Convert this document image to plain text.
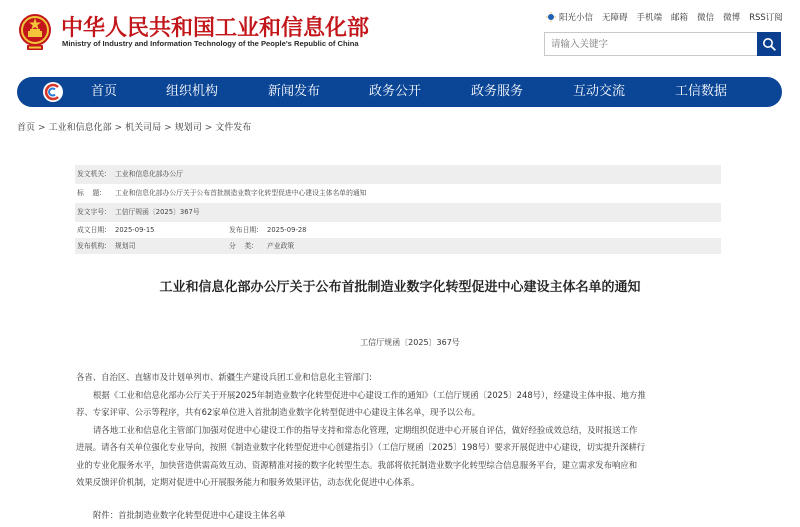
中华人民共和国工业和信息化部
Ministry of Industry and Information Technology of the People's Republic of China
阳光小信 无障碍 手机端 邮箱 微信 微博 RSS订阅
请输入关键字
首页	组织机构	新闻发布	政务公开	政务服务	互动交流	工信数据
首页 > 工业和信息化部 > 机关司局 > 规划司 > 文件发布
发文机关: 工业和信息化部办公厅
标    题: 工业和信息化部办公厅关于公布首批制造业数字化转型促进中心建设主体名单的通知
发文字号: 工信厅规函〔2025〕367号
成文日期: 2025-09-15	发布日期: 2025-09-28
发布机构: 规划司	分    类: 产业政策
工业和信息化部办公厅关于公布首批制造业数字化转型促进中心建设主体名单的通知
工信厅规函〔2025〕367号
各省、自治区、直辖市及计划单列市、新疆生产建设兵团工业和信息化主管部门:
根据《工业和信息化部办公厅关于开展2025年制造业数字化转型促进中心建设工作的通知》（工信厅规函〔2025〕248号），经建设主体申报、地方推
荐、专家评审、公示等程序，共有62家单位进入首批制造业数字化转型促进中心建设主体名单，现予以公布。
请各地工业和信息化主管部门加强对促进中心建设工作的指导支持和常态化管理，定期组织促进中心开展自评估，做好经验成效总结，及时报送工作
进展。请各有关单位强化专业导向，按照《制造业数字化转型促进中心创建指引》（工信厅规函〔2025〕198号）要求开展促进中心建设，切实提升深耕行
业的专业化服务水平，加快营造供需高效互动、资源精准对接的数字化转型生态。我部将依托制造业数字化转型综合信息服务平台，建立需求发布响应和
效果反馈评价机制，定期对促进中心开展服务能力和服务效果评估，动态优化促进中心体系。
附件：首批制造业数字化转型促进中心建设主体名单
